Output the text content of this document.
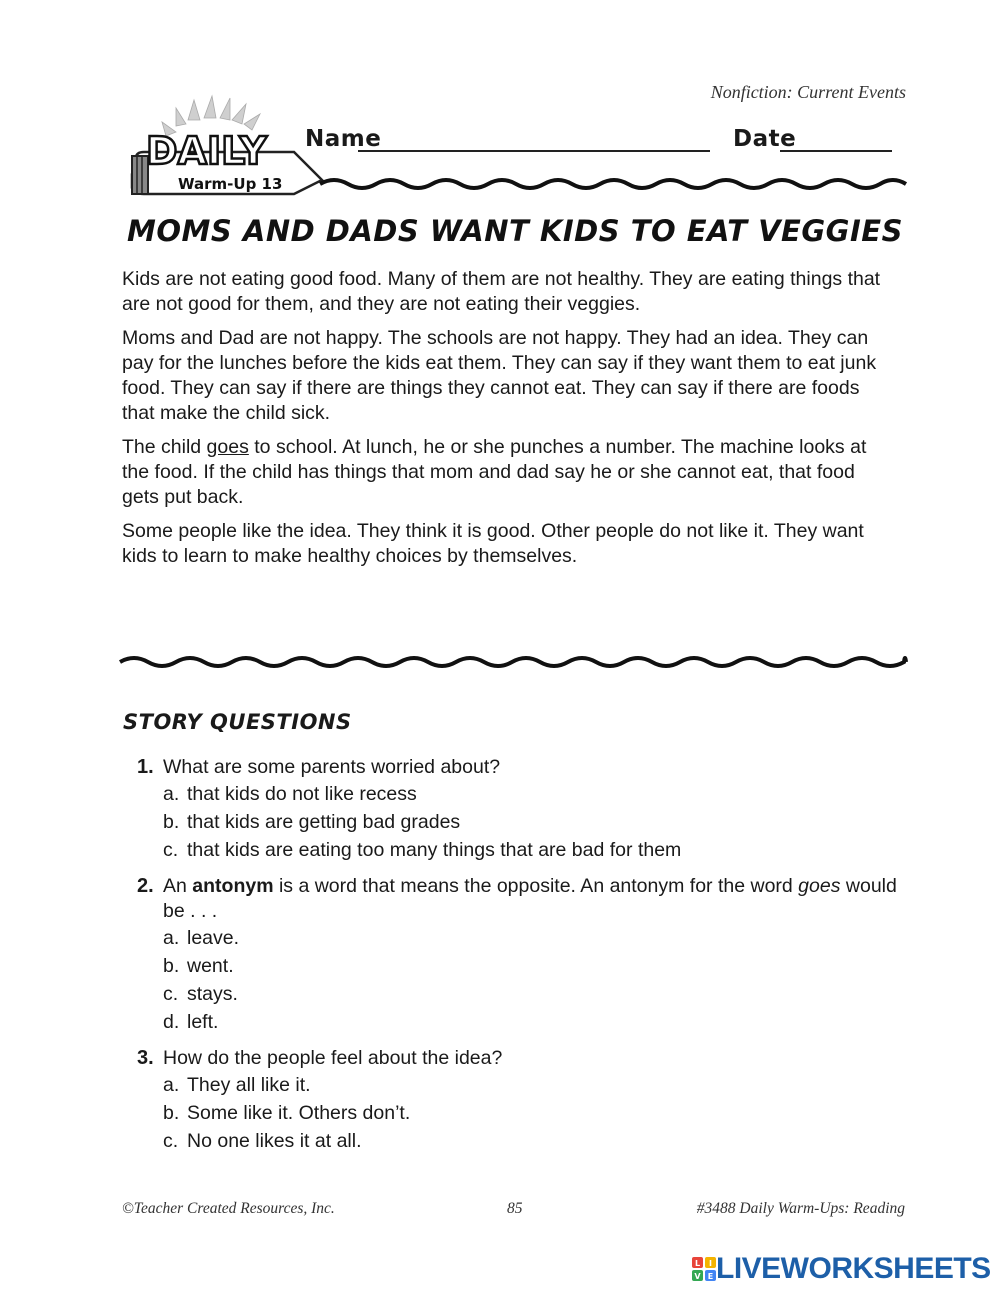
Nonfiction: Current Events
DAILY
Warm-Up 13
Name	Date
MOMS AND DADS WANT KIDS TO EAT VEGGIES

Kids are not eating good food. Many of them are not healthy. They are eating things that are not good for them, and they are not eating their veggies.

Moms and Dad are not happy. The schools are not happy. They had an idea. They can pay for the lunches before the kids eat them. They can say if they want them to eat junk food. They can say if there are things they cannot eat. They can say if there are foods that make the child sick.

The child goes to school. At lunch, he or she punches a number. The machine looks at the food. If the child has things that mom and dad say he or she cannot eat, that food gets put back.

Some people like the idea. They think it is good. Other people do not like it. They want kids to learn to make healthy choices by themselves.

STORY QUESTIONS
1. What are some parents worried about?
a. that kids do not like recess
b. that kids are getting bad grades
c. that kids are eating too many things that are bad for them
2. An antonym is a word that means the opposite. An antonym for the word goes would be . . .
a. leave.
b. went.
c. stays.
d. left.
3. How do the people feel about the idea?
a. They all like it.
b. Some like it. Others don’t.
c. No one likes it at all.
©Teacher Created Resources, Inc.	85	#3488 Daily Warm-Ups: Reading
L I
V E LIVEWORKSHEETS
